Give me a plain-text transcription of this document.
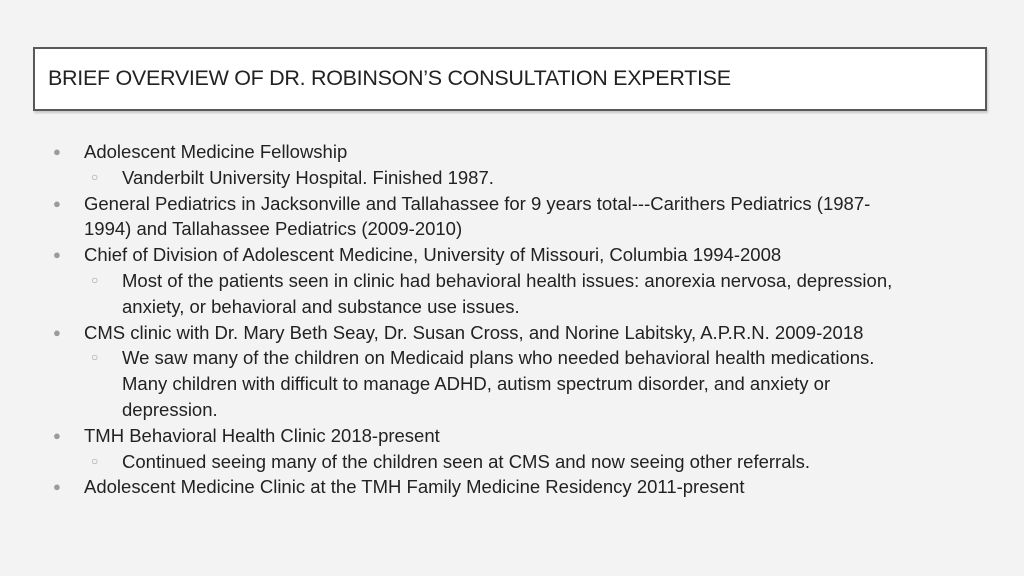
BRIEF OVERVIEW OF DR. ROBINSON’S CONSULTATION EXPERTISE
● Adolescent Medicine Fellowship
○ Vanderbilt University Hospital. Finished 1987.
● General Pediatrics in Jacksonville and Tallahassee for 9 years total---Carithers Pediatrics (1987-
1994) and Tallahassee Pediatrics (2009-2010)
● Chief of Division of Adolescent Medicine, University of Missouri, Columbia 1994-2008
○ Most of the patients seen in clinic had behavioral health issues: anorexia nervosa, depression,
anxiety, or behavioral and substance use issues.
● CMS clinic with Dr. Mary Beth Seay, Dr. Susan Cross, and Norine Labitsky, A.P.R.N. 2009-2018
○ We saw many of the children on Medicaid plans who needed behavioral health medications.
Many children with difficult to manage ADHD, autism spectrum disorder, and anxiety or
depression.
● TMH Behavioral Health Clinic 2018-present
○ Continued seeing many of the children seen at CMS and now seeing other referrals.
● Adolescent Medicine Clinic at the TMH Family Medicine Residency 2011-present
